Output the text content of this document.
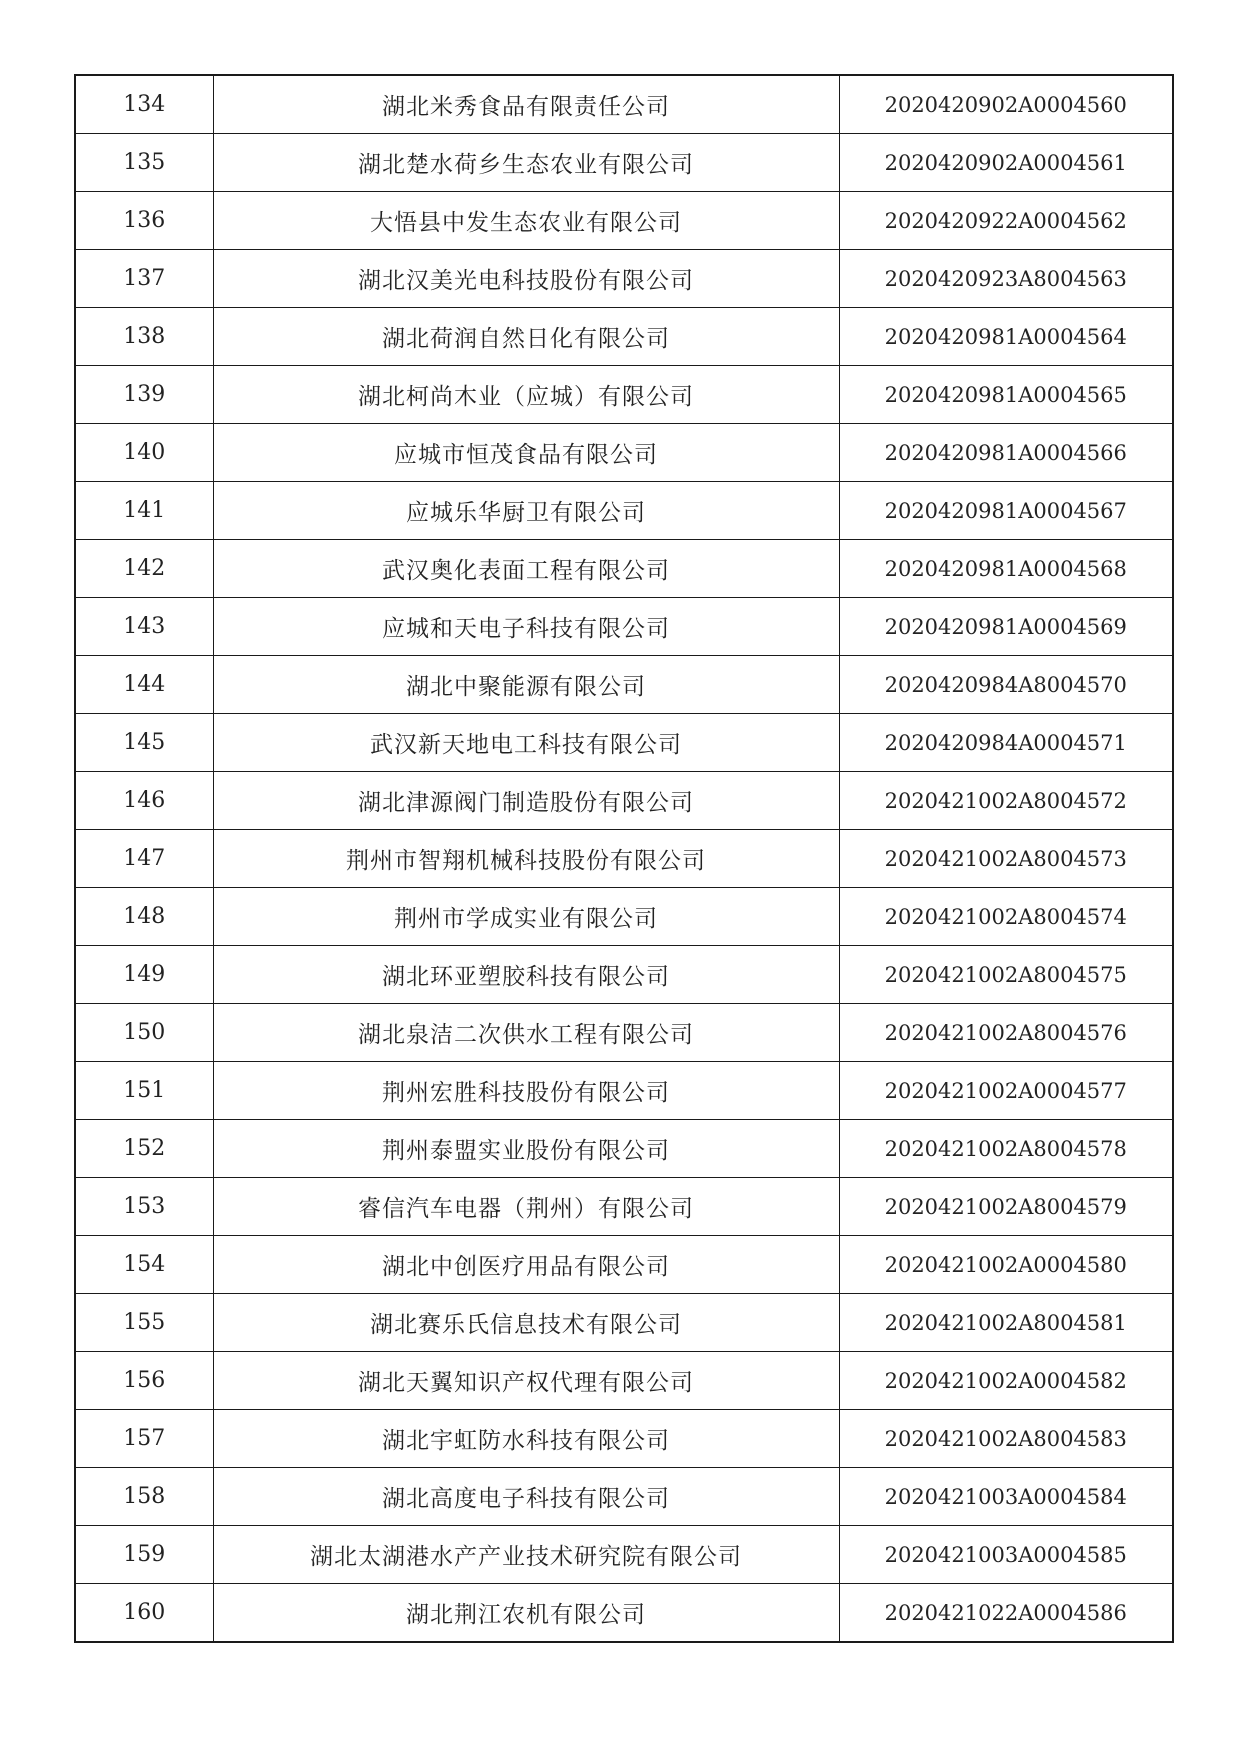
134	湖北米秀食品有限责任公司	2020420902A0004560
135	湖北楚水荷乡生态农业有限公司	2020420902A0004561
136	大悟县中发生态农业有限公司	2020420922A0004562
137	湖北汉美光电科技股份有限公司	2020420923A8004563
138	湖北荷润自然日化有限公司	2020420981A0004564
139	湖北柯尚木业（应城）有限公司	2020420981A0004565
140	应城市恒茂食品有限公司	2020420981A0004566
141	应城乐华厨卫有限公司	2020420981A0004567
142	武汉奥化表面工程有限公司	2020420981A0004568
143	应城和天电子科技有限公司	2020420981A0004569
144	湖北中聚能源有限公司	2020420984A8004570
145	武汉新天地电工科技有限公司	2020420984A0004571
146	湖北津源阀门制造股份有限公司	2020421002A8004572
147	荆州市智翔机械科技股份有限公司	2020421002A8004573
148	荆州市学成实业有限公司	2020421002A8004574
149	湖北环亚塑胶科技有限公司	2020421002A8004575
150	湖北泉洁二次供水工程有限公司	2020421002A8004576
151	荆州宏胜科技股份有限公司	2020421002A0004577
152	荆州泰盟实业股份有限公司	2020421002A8004578
153	睿信汽车电器（荆州）有限公司	2020421002A8004579
154	湖北中创医疗用品有限公司	2020421002A0004580
155	湖北赛乐氏信息技术有限公司	2020421002A8004581
156	湖北天翼知识产权代理有限公司	2020421002A0004582
157	湖北宇虹防水科技有限公司	2020421002A8004583
158	湖北高度电子科技有限公司	2020421003A0004584
159	湖北太湖港水产产业技术研究院有限公司	2020421003A0004585
160	湖北荆江农机有限公司	2020421022A0004586
